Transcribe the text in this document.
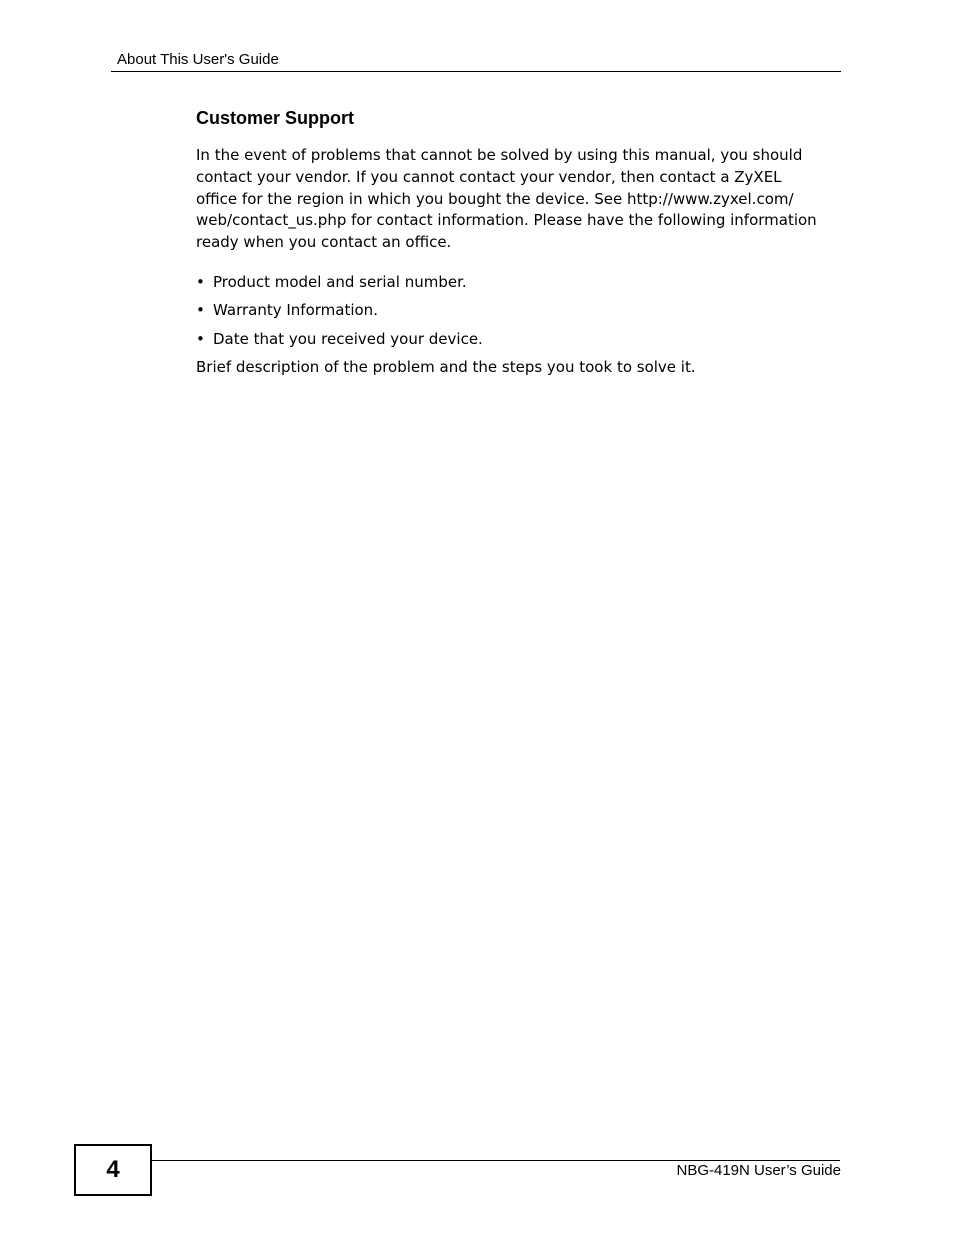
About This User's Guide
Customer Support

In the event of problems that cannot be solved by using this manual, you should
contact your vendor. If you cannot contact your vendor, then contact a ZyXEL
office for the region in which you bought the device. See http://www.zyxel.com/
web/contact_us.php for contact information. Please have the following information
ready when you contact an office.

• Product model and serial number.
• Warranty Information.
• Date that you received your device.

Brief description of the problem and the steps you took to solve it.

4	NBG-419N User’s Guide
